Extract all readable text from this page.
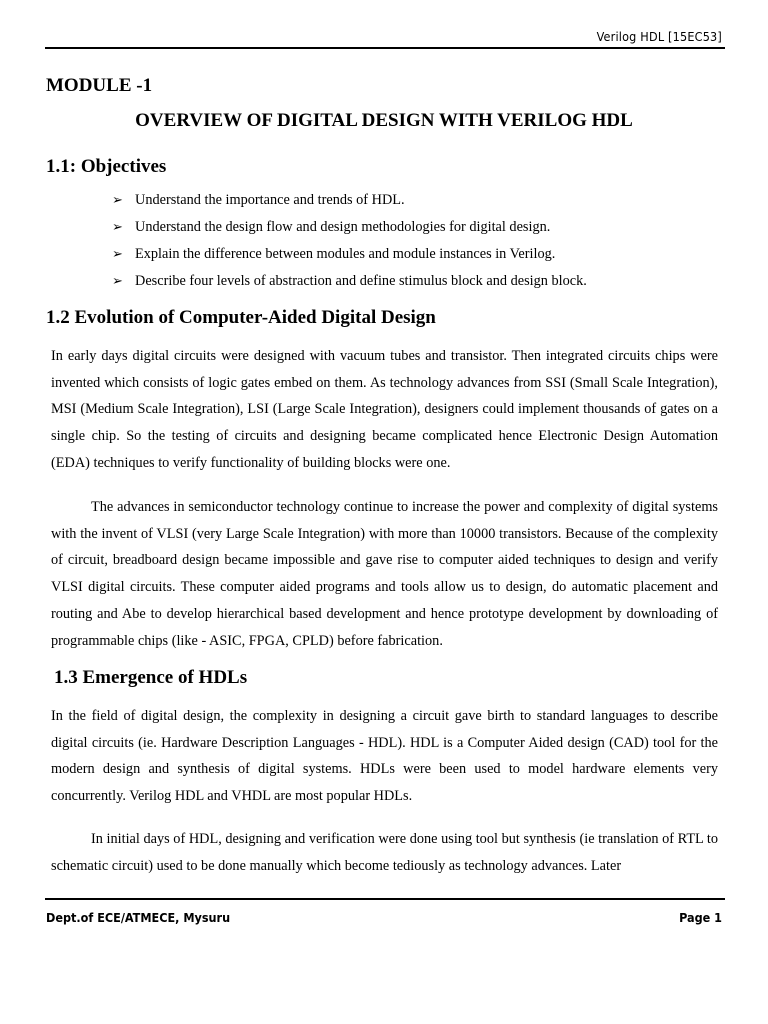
Verilog HDL [15EC53]
MODULE -1
OVERVIEW OF DIGITAL DESIGN WITH VERILOG HDL
1.1: Objectives
➢ Understand the importance and trends of HDL.
➢ Understand the design flow and design methodologies for digital design.
➢ Explain the difference between modules and module instances in Verilog.
➢ Describe four levels of abstraction and define stimulus block and design block.
1.2 Evolution of Computer-Aided Digital Design

In early days digital circuits were designed with vacuum tubes and transistor. Then integrated circuits chips were invented which consists of logic gates embed on them. As technology advances from SSI (Small Scale Integration), MSI (Medium Scale Integration), LSI (Large Scale Integration), designers could implement thousands of gates on a single chip. So the testing of circuits and designing became complicated hence Electronic Design Automation (EDA) techniques to verify functionality of building blocks were one.

The advances in semiconductor technology continue to increase the power and complexity of digital systems with the invent of VLSI (very Large Scale Integration) with more than 10000 transistors. Because of the complexity of circuit, breadboard design became impossible and gave rise to computer aided techniques to design and verify VLSI digital circuits. These computer aided programs and tools allow us to design, do automatic placement and routing and Abe to develop hierarchical based development and hence prototype development by downloading of programmable chips (like - ASIC, FPGA, CPLD) before fabrication.

1.3 Emergence of HDLs

In the field of digital design, the complexity in designing a circuit gave birth to standard languages to describe digital circuits (ie. Hardware Description Languages - HDL). HDL is a Computer Aided design (CAD) tool for the modern design and synthesis of digital systems. HDLs were been used to model hardware elements very concurrently. Verilog HDL and VHDL are most popular HDLs.

In initial days of HDL, designing and verification were done using tool but synthesis (ie translation of RTL to schematic circuit) used to be done manually which become tediously as technology advances. Later

Dept.of ECE/ATMECE, Mysuru	Page 1
